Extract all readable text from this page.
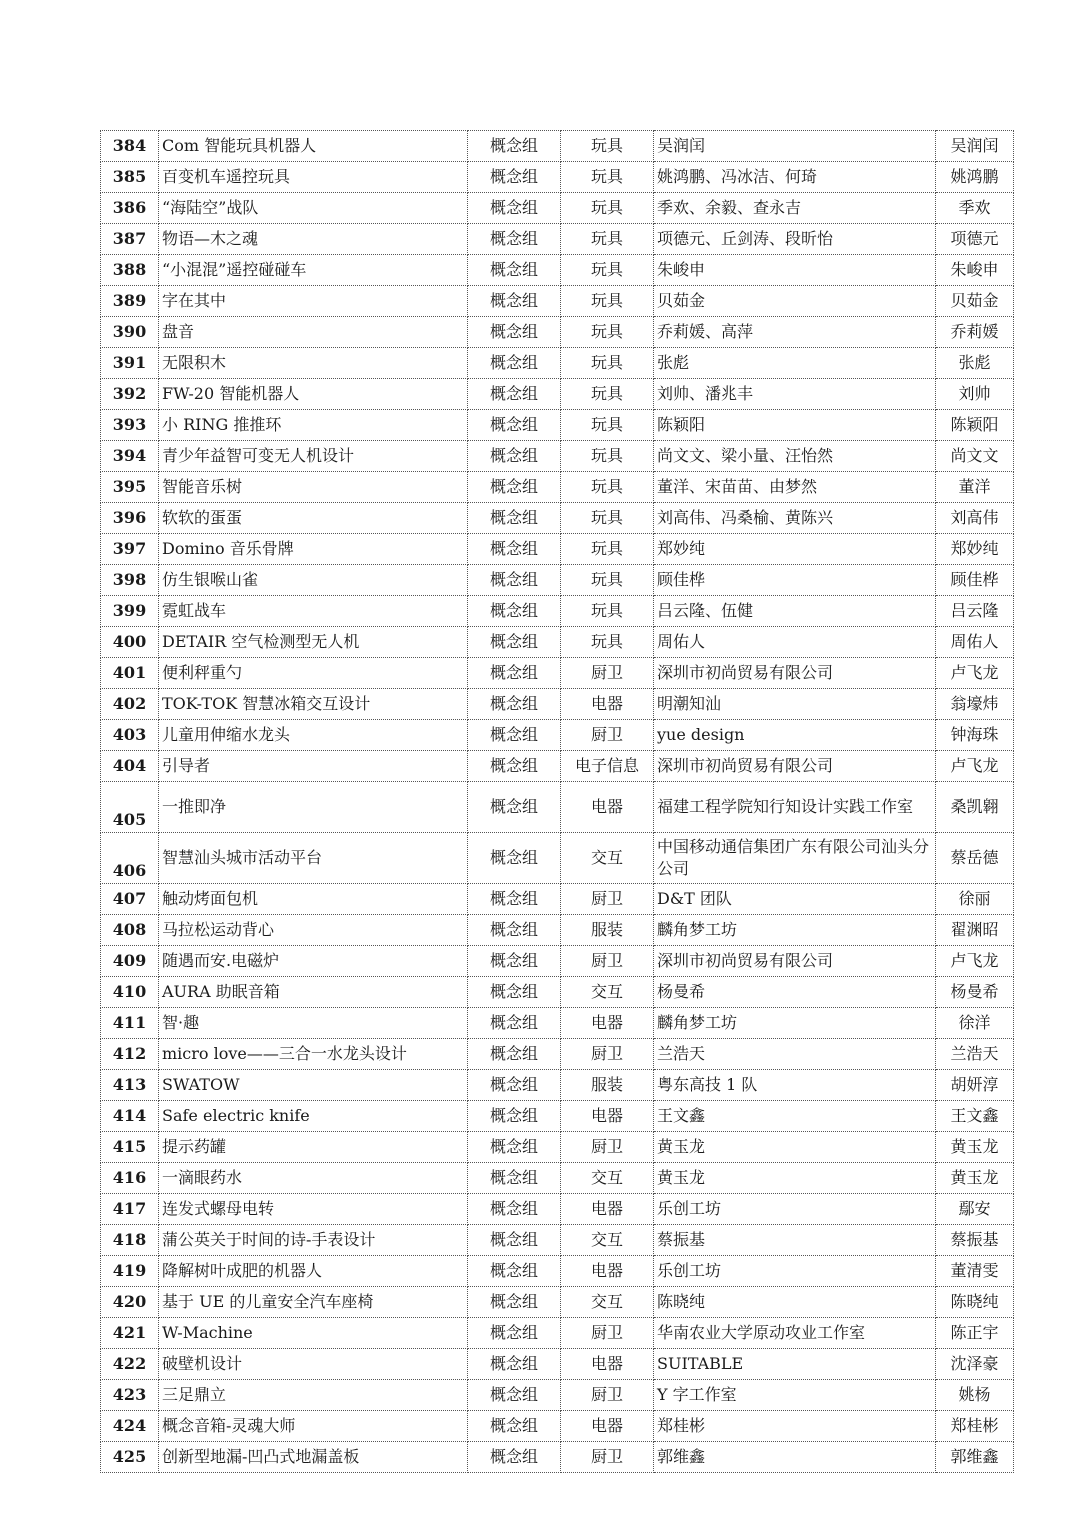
384	Com 智能玩具机器人	概念组	玩具	吴润闰	吴润闰
385	百变机车遥控玩具	概念组	玩具	姚鸿鹏、冯冰洁、何琦	姚鸿鹏
386	“海陆空”战队	概念组	玩具	季欢、余毅、查永吉	季欢
387	物语—木之魂	概念组	玩具	项德元、丘剑涛、段昕怡	项德元
388	“小混混”遥控碰碰车	概念组	玩具	朱峻申	朱峻申
389	字在其中	概念组	玩具	贝茹金	贝茹金
390	盘音	概念组	玩具	乔莉媛、高萍	乔莉媛
391	无限积木	概念组	玩具	张彪	张彪
392	FW-20 智能机器人	概念组	玩具	刘帅、潘兆丰	刘帅
393	小 RING 推推环	概念组	玩具	陈颖阳	陈颖阳
394	青少年益智可变无人机设计	概念组	玩具	尚文文、梁小量、汪怡然	尚文文
395	智能音乐树	概念组	玩具	董洋、宋苗苗、由梦然	董洋
396	软软的蛋蛋	概念组	玩具	刘高伟、冯桑榆、黄陈兴	刘高伟
397	Domino 音乐骨牌	概念组	玩具	郑妙纯	郑妙纯
398	仿生银喉山雀	概念组	玩具	顾佳桦	顾佳桦
399	霓虹战车	概念组	玩具	吕云隆、伍健	吕云隆
400	DETAIR 空气检测型无人机	概念组	玩具	周佑人	周佑人
401	便利秤重勺	概念组	厨卫	深圳市初尚贸易有限公司	卢飞龙
402	TOK-TOK 智慧冰箱交互设计	概念组	电器	明潮知汕	翁壕炜
403	儿童用伸缩水龙头	概念组	厨卫	yue design	钟海珠
404	引导者	概念组	电子信息	深圳市初尚贸易有限公司	卢飞龙
405	一推即净	概念组	电器	福建工程学院知行知设计实践工作室	桑凯翱
406	智慧汕头城市活动平台	概念组	交互	中国移动通信集团广东有限公司汕头分公司	蔡岳德
407	触动烤面包机	概念组	厨卫	D&T 团队	徐丽
408	马拉松运动背心	概念组	服装	麟角梦工坊	翟渊昭
409	随遇而安.电磁炉	概念组	厨卫	深圳市初尚贸易有限公司	卢飞龙
410	AURA 助眠音箱	概念组	交互	杨曼希	杨曼希
411	智·趣	概念组	电器	麟角梦工坊	徐洋
412	micro love——三合一水龙头设计	概念组	厨卫	兰浩天	兰浩天
413	SWATOW	概念组	服装	粤东高技 1 队	胡妍淳
414	Safe electric knife	概念组	电器	王文鑫	王文鑫
415	提示药罐	概念组	厨卫	黄玉龙	黄玉龙
416	一滴眼药水	概念组	交互	黄玉龙	黄玉龙
417	连发式螺母电转	概念组	电器	乐创工坊	鄢安
418	蒲公英关于时间的诗-手表设计	概念组	交互	蔡振基	蔡振基
419	降解树叶成肥的机器人	概念组	电器	乐创工坊	董清雯
420	基于 UE 的儿童安全汽车座椅	概念组	交互	陈晓纯	陈晓纯
421	W-Machine	概念组	厨卫	华南农业大学原动攻业工作室	陈正宇
422	破壁机设计	概念组	电器	SUITABLE	沈泽豪
423	三足鼎立	概念组	厨卫	Y 字工作室	姚杨
424	概念音箱-灵魂大师	概念组	电器	郑桂彬	郑桂彬
425	创新型地漏-凹凸式地漏盖板	概念组	厨卫	郭维鑫	郭维鑫
